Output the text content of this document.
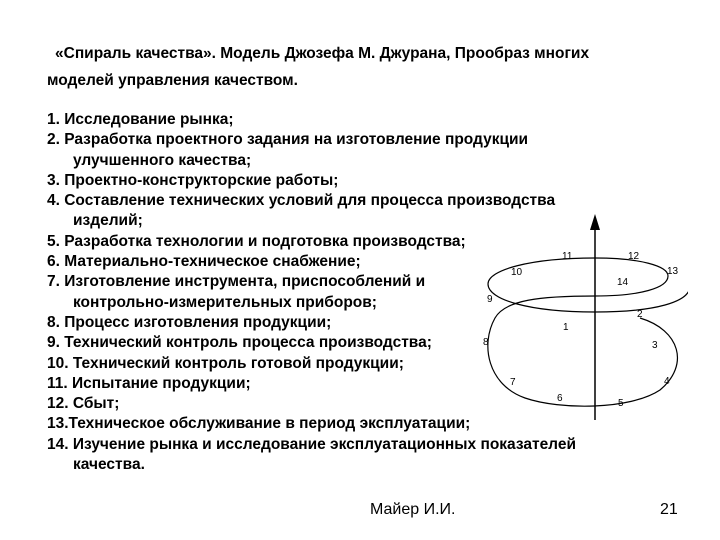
«Спираль качества». Модель Джозефа М. Джурана, Прообраз многих
моделей управления качеством.
1. Исследование рынка;
2. Разработка проектного задания на изготовление продукции
улучшенного качества;
3. Проектно-конструкторские работы;
4. Составление технических условий для процесса производства
изделий;
5. Разработка технологии и подготовка производства;
6. Материально-техническое снабжение;
7. Изготовление инструмента, приспособлений и
контрольно-измерительных приборов;
8. Процесс изготовления продукции;
9. Технический контроль процесса производства;
10. Технический контроль готовой продукции;
11. Испытание продукции;
12. Сбыт;
13.Техническое обслуживание в период эксплуатации;
14. Изучение рынка и исследование эксплуатационных показателей
качества.
1
2
3
4
5
6
7
8
9
10
11	12
13
14
Майер И.И.	21
